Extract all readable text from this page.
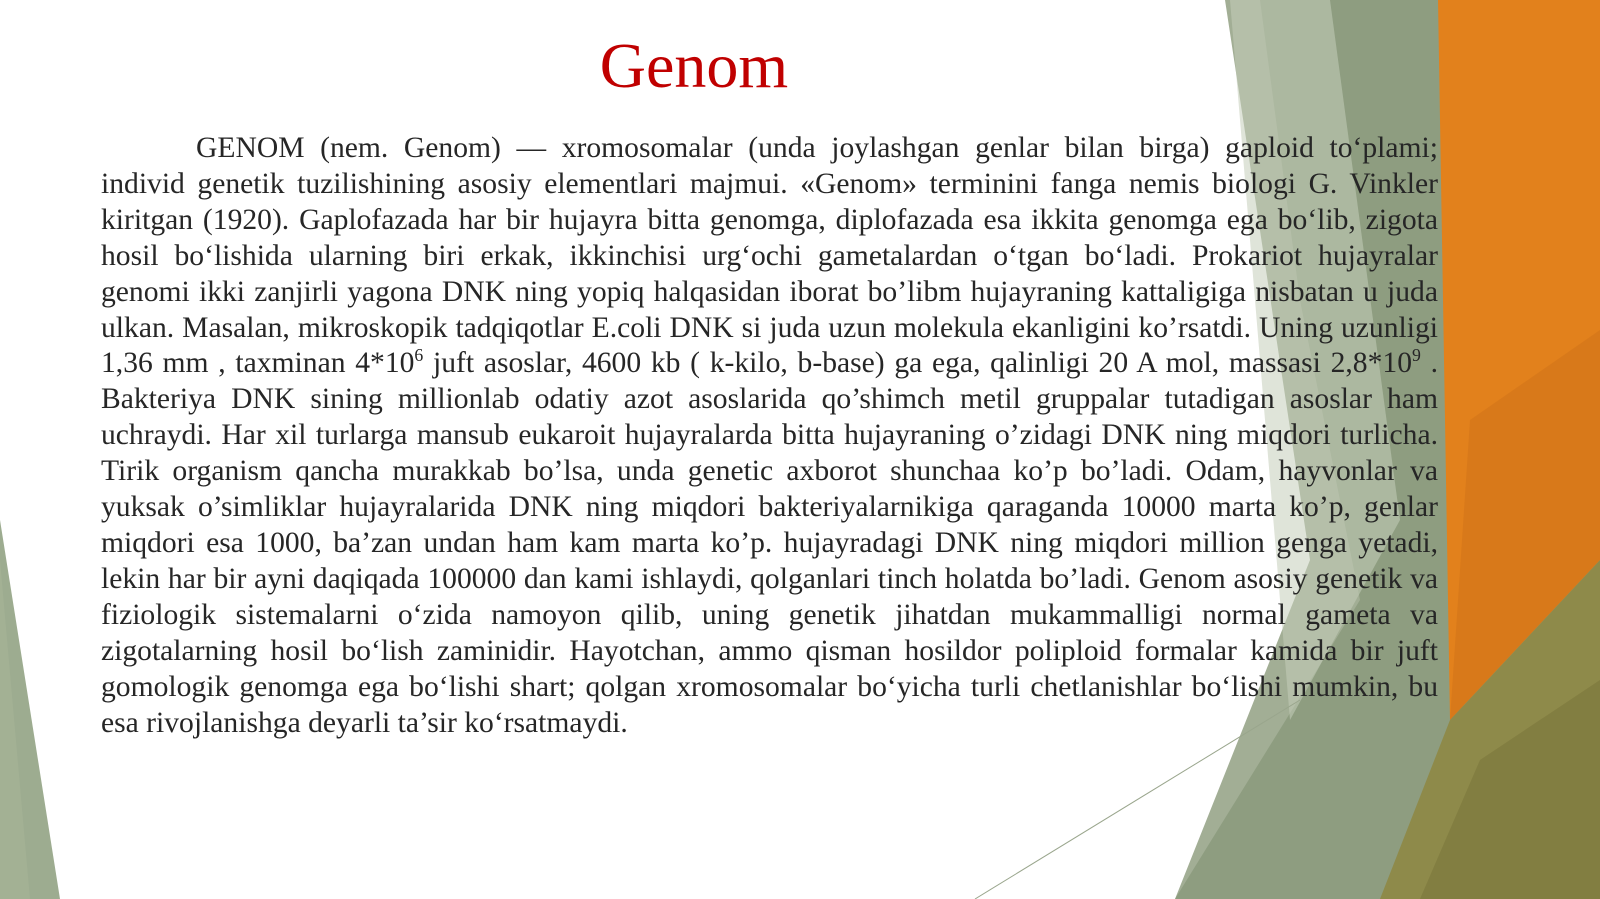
Genom

GENOM (nem. Genom) — xromosomalar (unda joylashgan genlar bilan birga) gaploid to‘plami; individ genetik tuzilishining asosiy elementlari majmui. «Genom» terminini fanga nemis biologi G. Vinkler kiritgan (1920). Gaplofazada har bir hujayra bitta genomga, diplofazada esa ikkita genomga ega bo‘lib, zigota hosil bo‘lishida ularning biri erkak, ikkinchisi urg‘ochi gametalardan o‘tgan bo‘ladi. Prokariot hujayralar genomi ikki zanjirli yagona DNK ning yopiq halqasidan iborat bo’libm hujayraning kattaligiga nisbatan u juda ulkan. Masalan, mikroskopik tadqiqotlar E.coli DNK si juda uzun molekula ekanligini ko’rsatdi. Uning uzunligi 1,36 mm , taxminan $4*10^6$ juft asoslar, 4600 kb ( k-kilo, b-base) ga ega, qalinligi 20 A mol, massasi $2,8*10^9$ . Bakteriya DNK sining millionlab odatiy azot asoslarida qo’shimch metil gruppalar tutadigan asoslar ham uchraydi. Har xil turlarga mansub eukaroit hujayralarda bitta hujayraning o’zidagi DNK ning miqdori turlicha. Tirik organism qancha murakkab bo’lsa, unda genetic axborot shunchaa ko’p bo’ladi. Odam, hayvonlar va yuksak o’simliklar hujayralarida DNK ning miqdori bakteriyalarnikiga qaraganda 10000 marta ko’p, genlar miqdori esa 1000, ba’zan undan ham kam marta ko’p. hujayradagi DNK ning miqdori million genga yetadi, lekin har bir ayni daqiqada 100000 dan kami ishlaydi, qolganlari tinch holatda bo’ladi. Genom asosiy genetik va fiziologik sistemalarni o‘zida namoyon qilib, uning genetik jihatdan mukammalligi normal gameta va zigotalarning hosil bo‘lish zaminidir. Hayotchan, ammo qisman hosildor poliploid formalar kamida bir juft gomologik genomga ega bo‘lishi shart; qolgan xromosomalar bo‘yicha turli chetlanishlar bo‘lishi mumkin, bu esa rivojlanishga deyarli ta’sir ko‘rsatmaydi.
